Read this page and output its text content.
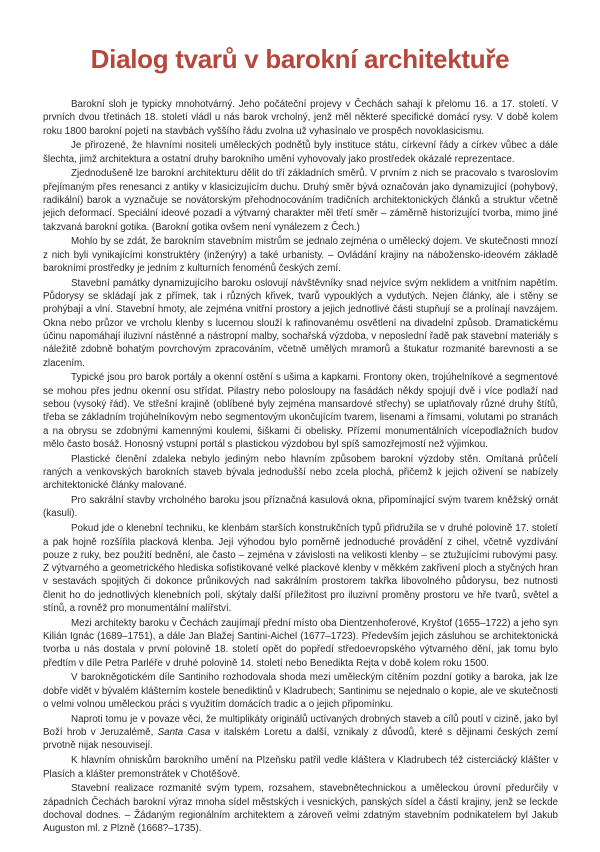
Dialog tvarů v barokní architektuře

Barokní sloh je typicky mnohotvárný. Jeho počáteční projevy v Čechách sahají k přelomu 16. a 17. století. V prvních dvou třetinách 18. století vládl u nás barok vrcholný, jenž měl některé specifické domácí rysy. V době kolem roku 1800 barokní pojetí na stavbách vyššího řádu zvolna už vyhasínalo ve prospěch novoklasicismu.

Je přirozené, že hlavními nositeli uměleckých podnětů byly instituce státu, církevní řády a církev vůbec a dále šlechta, jimž architektura a ostatní druhy barokního umění vyhovovaly jako prostředek okázalé reprezentace.

Zjednodušeně lze barokní architekturu dělit do tří základních směrů. V prvním z nich se pracovalo s tvaroslovím přejímaným přes renesanci z antiky v klasicizujícím duchu. Druhý směr bývá označován jako dynamizující (pohybový, radikální) barok a vyznačuje se novátorským přehodnocováním tradičních architektonických článků a struktur včetně jejich deformací. Speciální ideové pozadí a výtvarný charakter měl třetí směr – záměrně historizující tvorba, mimo jiné takzvaná barokní gotika. (Barokní gotika ovšem není vynálezem z Čech.)

Mohlo by se zdát, že barokním stavebním mistrům se jednalo zejména o umělecký dojem. Ve skutečnosti mnozí z nich byli vynikajícími konstruktéry (inženýry) a také urbanisty. – Ovládání krajiny na nábožensko-ideovém základě barokními prostředky je jedním z kulturních fenoménů českých zemí.

Stavební památky dynamizujícího baroku oslovují návštěvníky snad nejvíce svým neklidem a vnitřním napětím. Půdorysy se skládají jak z přímek, tak i různých křivek, tvarů vypouklých a vydutých. Nejen články, ale i stěny se prohýbají a vlní. Stavební hmoty, ale zejména vnitřní prostory a jejich jednotlivé části stupňují se a prolínají navzájem. Okna nebo průzor ve vrcholu klenby s lucernou slouží k rafinovanému osvětlení na divadelní způsob. Dramatickému účinu napomáhají iluzivní nástěnné a nástropní malby, sochařská výzdoba, v neposlední řadě pak stavební materiály s náležitě zdobně bohatým povrchovým zpracováním, včetně umělých mramorů a štukatur rozmanité barevnosti a se zlacením.

Typické jsou pro barok portály a okenní ostění s ušima a kapkami. Frontony oken, trojúhelníkové a segmentové se mohou přes jednu okenní osu střídat. Pilastry nebo polosloupy na fasádách někdy spojují dvě i více podlaží nad sebou (vysoký řád). Ve střešní krajině (oblíbené byly zejména mansardové střechy) se uplatňovaly různé druhy štítů, třeba se základním trojúhelníkovým nebo segmentovým ukončujícím tvarem, lisenami a římsami, volutami po stranách a na obrysu se zdobnými kamennými koulemi, šiškami či obelisky. Přízemí monumentálních vícepodlažních budov mělo často bosáž. Honosný vstupní portál s plastickou výzdobou byl spíš samozřejmostí než výjimkou.

Plastické členění zdaleka nebylo jediným nebo hlavním způsobem barokní výzdoby stěn. Omítaná průčelí raných a venkovských barokních staveb bývala jednodušší nebo zcela plochá, přičemž k jejich oživení se nabízely architektonické články malované.

Pro sakrální stavby vrcholného baroku jsou příznačná kasulová okna, připomínající svým tvarem kněžský ornát (kasuli).

Pokud jde o klenební techniku, ke klenbám starších konstrukčních typů přidružila se v druhé polovině 17. století a pak hojně rozšířila placková klenba. Její výhodou bylo poměrně jednoduché provádění z cihel, včetně vyzdívání pouze z ruky, bez použití bednění, ale často – zejména v závislosti na velikosti klenby – se ztužujícími rubovými pasy. Z výtvarného a geometrického hlediska sofistikované velké plackové klenby v měkkém zakřivení ploch a styčných hran v sestavách spojitých či dokonce průnikových nad sakrálním prostorem takřka libovolného půdorysu, bez nutnosti členit ho do jednotlivých klenebních polí, skýtaly další příležitost pro iluzivní proměny prostoru ve hře tvarů, světel a stínů, a rovněž pro monumentální malířství.

Mezi architekty baroku v Čechách zaujímají přední místo oba Dientzenhoferové, Kryštof (1655–1722) a jeho syn Kilián Ignác (1689–1751), a dále Jan Blažej Santini-Aichel (1677–1723). Především jejich zásluhou se architektonická tvorba u nás dostala v první polovině 18. století opět do popředí středoevropského výtvarného dění, jak tomu bylo předtím v díle Petra Parléře v druhé polovině 14. století nebo Benedikta Rejta v době kolem roku 1500.

V barokněgotickém díle Santiniho rozhodovala shoda mezi uměleckým cítěním pozdní gotiky a baroka, jak lze dobře vidět v bývalém klášterním kostele benediktinů v Kladrubech; Santinimu se nejednalo o kopie, ale ve skutečnosti o velmi volnou uměleckou práci s využitím domácích tradic a o jejich připomínku.

Naproti tomu je v povaze věci, že multiplikáty originálů uctívaných drobných staveb a cílů poutí v cizině, jako byl Boží hrob v Jeruzalémě, Santa Casa v italském Loretu a další, vznikaly z důvodů, které s dějinami českých zemí prvotně nijak nesouvisejí.

K hlavním ohniskům barokního umění na Plzeňsku patřil vedle kláštera v Kladrubech též cisterciácký klášter v Plasích a klášter premonstrátek v Chotěšově.

Stavební realizace rozmanité svým typem, rozsahem, stavebnětechnickou a uměleckou úrovní předurčily v západních Čechách barokní výraz mnoha sídel městských i vesnických, panských sídel a částí krajiny, jenž se leckde dochoval dodnes. – Žádaným regionálním architektem a zároveň velmi zdatným stavebním podnikatelem byl Jakub Auguston ml. z Plzně (1668?–1735).
